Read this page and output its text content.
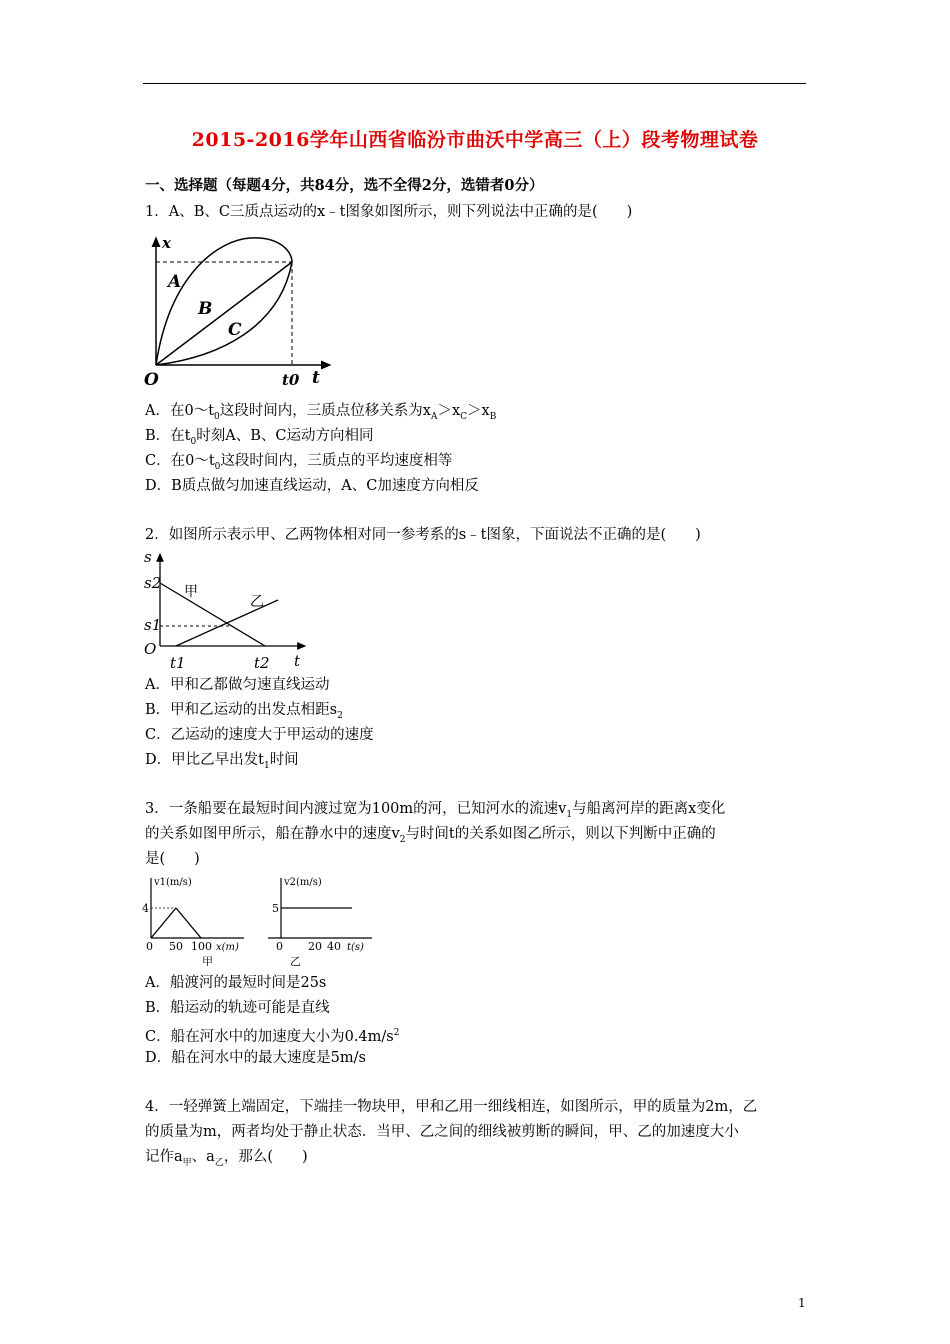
2015-2016学年山西省临汾市曲沃中学高三（上）段考物理试卷
一、选择题（每题4分，共84分，选不全得2分，选错者0分）
1．A、B、C三质点运动的x﹣t图象如图所示，则下列说法中正确的是(　　)
A
B
C
x
O	t0 t
A．在$0\sim t_0$这段时间内，三质点位移关系为$x_A>x_C>x_B$
B．在$t_0$时刻A、B、C运动方向相同
C．在$0\sim t_0$这段时间内，三质点的平均速度相等
D．B质点做匀加速直线运动，A、C加速度方向相反
2．如图所示表示甲、乙两物体相对同一参考系的s﹣t图象，下面说法不正确的是(　　)
s
s2
s1
O
t1	t2 t
甲
乙
A．甲和乙都做匀速直线运动
B．甲和乙运动的出发点相距$s_2$
C．乙运动的速度大于甲运动的速度
D．甲比乙早出发$t_1$时间
3．一条船要在最短时间内渡过宽为100m的河，已知河水的流速$v_1$与船离河岸的距离x变化
的关系如图甲所示，船在静水中的速度$v_2$与时间t的关系如图乙所示，则以下判断中正确的
是(　　)
v1(m/s)
4
0 50 100 x(m)
甲
v2(m/s)
5
0 20 40 t(s)
乙
A．船渡河的最短时间是25s
B．船运动的轨迹可能是直线
C．船在河水中的加速度大小为$0.4m/s^2$
D．船在河水中的最大速度是5m/s
4．一轻弹簧上端固定，下端挂一物块甲，甲和乙用一细线相连，如图所示，甲的质量为2m，乙
的质量为m，两者均处于静止状态．当甲、乙之间的细线被剪断的瞬间，甲、乙的加速度大小
记作$a_甲$、$a_乙$，那么(　　)
1
